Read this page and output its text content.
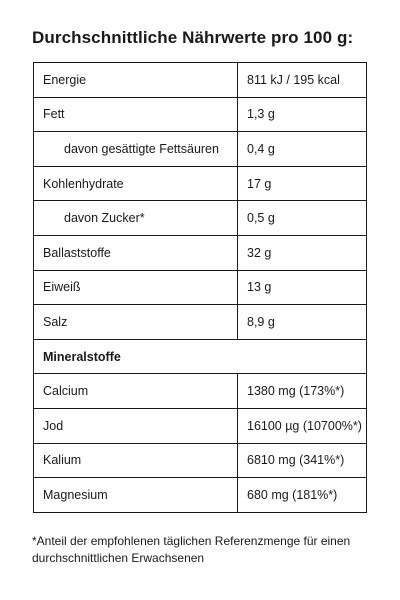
Durchschnittliche Nährwerte pro 100 g:
Energie	811 kJ / 195 kcal
Fett	1,3 g
davon gesättigte Fettsäuren	0,4 g
Kohlenhydrate	17 g
davon Zucker*	0,5 g
Ballaststoffe	32 g
Eiweiß	13 g
Salz	8,9 g
Mineralstoffe	
Calcium	1380 mg (173%*)
Jod	16100 µg (10700%*)
Kalium	6810 mg (341%*)
Magnesium	680 mg (181%*)
*Anteil der empfohlenen täglichen Referenzmenge für einen durchschnittlichen Erwachsenen
